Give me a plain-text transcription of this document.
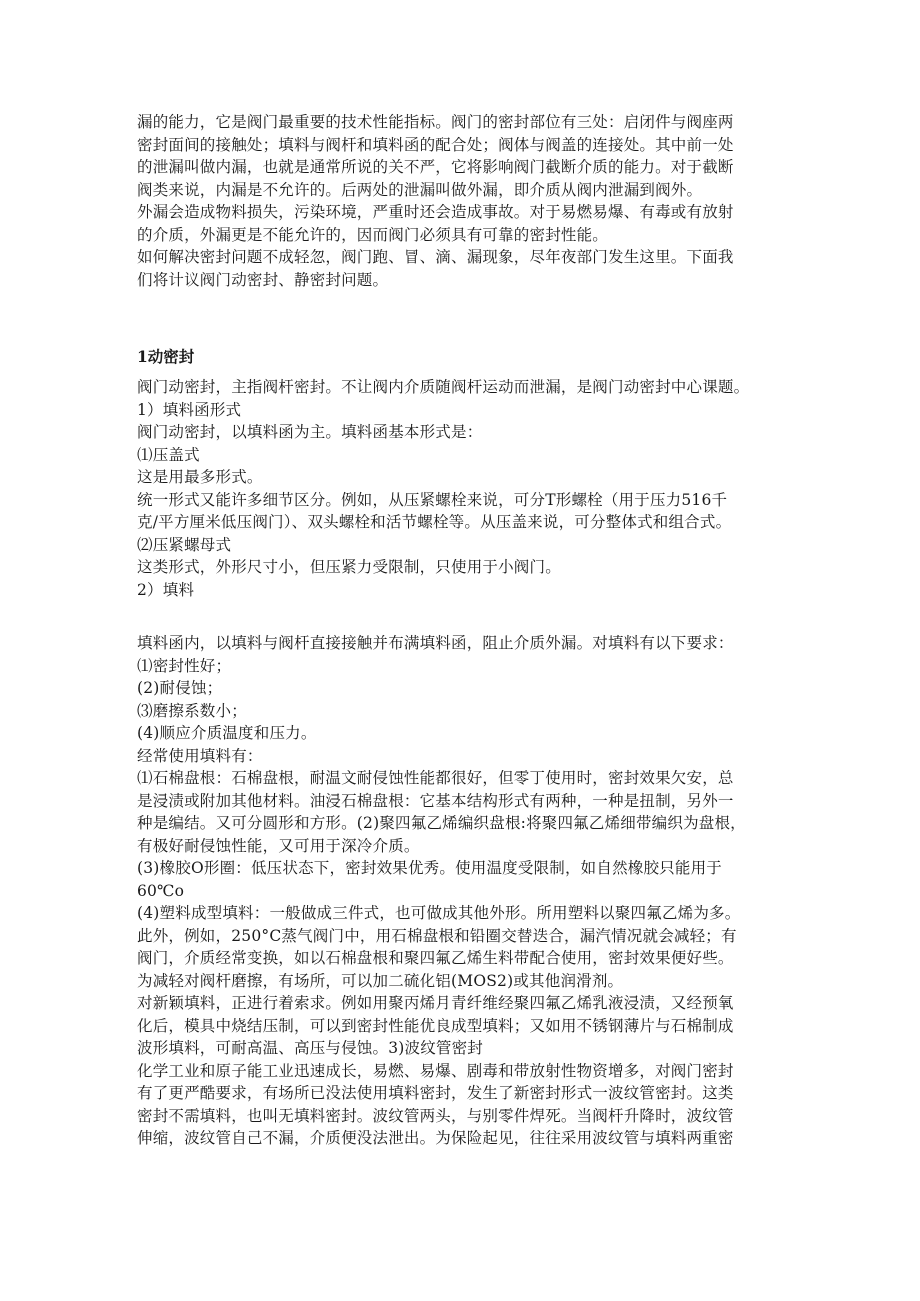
漏的能力，它是阀门最重要的技术性能指标。阀门的密封部位有三处：启闭件与阀座两
密封面间的接触处；填料与阀杆和填料函的配合处；阀体与阀盖的连接处。其中前一处
的泄漏叫做内漏，也就是通常所说的关不严，它将影响阀门截断介质的能力。对于截断
阀类来说，内漏是不允许的。后两处的泄漏叫做外漏，即介质从阀内泄漏到阀外。
外漏会造成物料损失，污染环境，严重时还会造成事故。对于易燃易爆、有毒或有放射
的介质，外漏更是不能允许的，因而阀门必须具有可靠的密封性能。
如何解决密封问题不成轻忽，阀门跑、冒、滴、漏现象，尽年夜部门发生这里。下面我
们将计议阀门动密封、静密封问题。
1动密封
阀门动密封，主指阀杆密封。不让阀内介质随阀杆运动而泄漏，是阀门动密封中心课题。
1）填料函形式
阀门动密封，以填料函为主。填料函基本形式是：
⑴压盖式
这是用最多形式。
统一形式又能许多细节区分。例如，从压紧螺栓来说，可分T形螺栓（用于压力516千
克/平方厘米低压阀门）、双头螺栓和活节螺栓等。从压盖来说，可分整体式和组合式。
⑵压紧螺母式
这类形式，外形尺寸小，但压紧力受限制，只使用于小阀门。
2）填料
填料函内，以填料与阀杆直接接触并布满填料函，阻止介质外漏。对填料有以下要求：
⑴密封性好；
(2)耐侵蚀；
⑶磨擦系数小；
(4)顺应介质温度和压力。
经常使用填料有：
⑴石棉盘根：石棉盘根，耐温文耐侵蚀性能都很好，但零丁使用时，密封效果欠安，总
是浸渍或附加其他材料。油浸石棉盘根：它基本结构形式有两种，一种是扭制，另外一
种是编结。又可分圆形和方形。(2)聚四氟乙烯编织盘根:将聚四氟乙烯细带编织为盘根，
有极好耐侵蚀性能，又可用于深冷介质。
(3)橡胶O形圈：低压状态下，密封效果优秀。使用温度受限制，如自然橡胶只能用于
60℃o
(4)塑料成型填料：一般做成三件式，也可做成其他外形。所用塑料以聚四氟乙烯为多。
此外，例如，250°C蒸气阀门中，用石棉盘根和铅圈交替迭合，漏汽情况就会减轻；有
阀门，介质经常变换，如以石棉盘根和聚四氟乙烯生料带配合使用，密封效果便好些。
为减轻对阀杆磨擦，有场所，可以加二硫化铝(MOS2)或其他润滑剂。
对新颖填料，正进行着索求。例如用聚丙烯月青纤维经聚四氟乙烯乳液浸渍，又经预氧
化后，模具中烧结压制，可以到密封性能优良成型填料；又如用不锈钢薄片与石棉制成
波形填料，可耐高温、高压与侵蚀。3)波纹管密封
化学工业和原子能工业迅速成长，易燃、易爆、剧毒和带放射性物资增多，对阀门密封
有了更严酷要求，有场所已没法使用填料密封，发生了新密封形式一波纹管密封。这类
密封不需填料，也叫无填料密封。波纹管两头，与别零件焊死。当阀杆升降时，波纹管
伸缩，波纹管自己不漏，介质便没法泄出。为保险起见，往往采用波纹管与填料两重密
